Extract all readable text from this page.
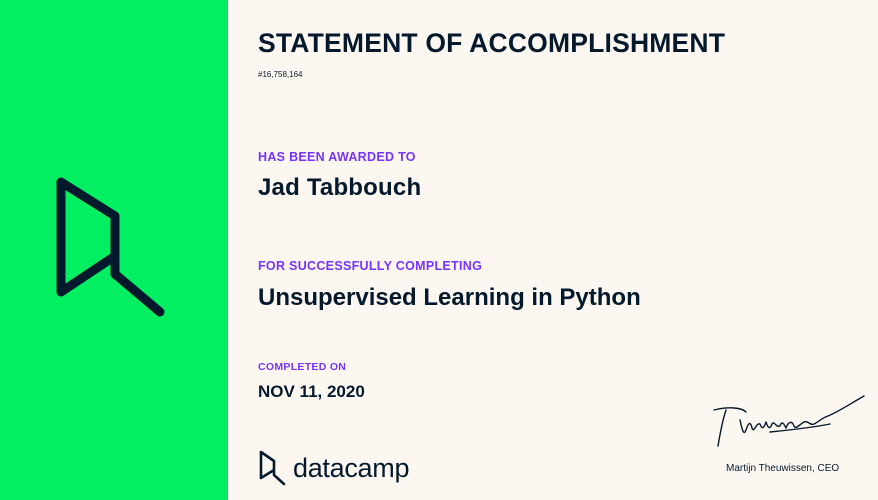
STATEMENT OF ACCOMPLISHMENT
#16,758,164
HAS BEEN AWARDED TO
Jad Tabbouch
FOR SUCCESSFULLY COMPLETING
Unsupervised Learning in Python
COMPLETED ON
NOV 11, 2020
datacamp	Martijn Theuwissen, CEO
